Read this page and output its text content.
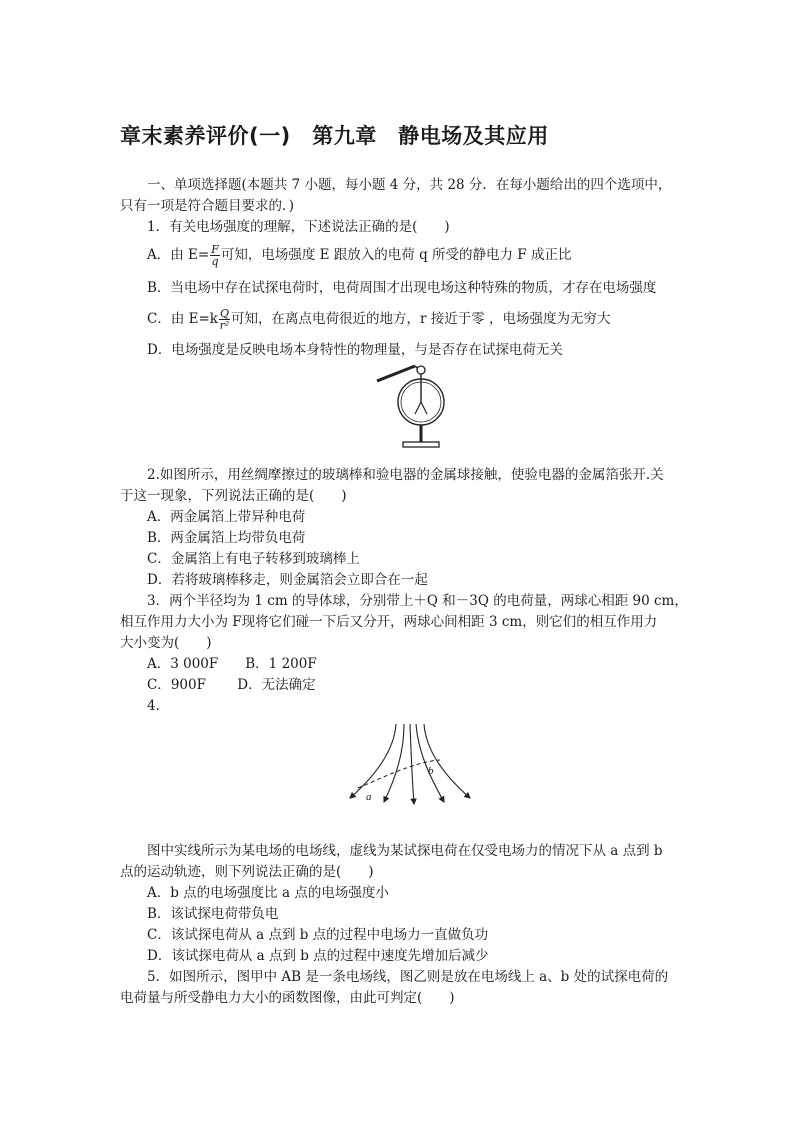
章末素养评价(一)　第九章　静电场及其应用
一、单项选择题(本题共 7 小题，每小题 4 分，共 28 分．在每小题给出的四个选项中，
只有一项是符合题目要求的．)
1．有关电场强度的理解，下述说法正确的是(　　)
A．由 $E= \frac{F}{q}$ 可知，电场强度 E 跟放入的电荷 q 所受的静电力 F 成正比
B．当电场中存在试探电荷时，电荷周围才出现电场这种特殊的物质，才存在电场强度
C．由 $E=k \frac{Q}{\text{r²}}$ 可知，在离点电荷很近的地方，r 接近于零 ，电场强度为无穷大
D．电场强度是反映电场本身特性的物理量，与是否存在试探电荷无关
2.如图所示，用丝绸摩擦过的玻璃棒和验电器的金属球接触，使验电器的金属箔张开.关
于这一现象，下列说法正确的是(　　)
A．两金属箔上带异种电荷
B．两金属箔上均带负电荷
C．金属箔上有电子转移到玻璃棒上
D．若将玻璃棒移走，则金属箔会立即合在一起
3．两个半径均为 1 cm 的导体球，分别带上＋Q 和－3Q 的电荷量，两球心相距 90 cm，
相互作用力大小为 F现将它们碰一下后又分开，两球心间相距 3 cm，则它们的相互作用力
大小变为(　　)
A．3 000F　　B．1 200F
C．900F　　 D．无法确定
4.
a
b
图中实线所示为某电场的电场线，虚线为某试探电荷在仅受电场力的情况下从 a 点到 b
点的运动轨迹，则下列说法正确的是(　　)
A．b 点的电场强度比 a 点的电场强度小
B．该试探电荷带负电
C．该试探电荷从 a 点到 b 点的过程中电场力一直做负功
D．该试探电荷从 a 点到 b 点的过程中速度先增加后减少
5．如图所示，图甲中 AB 是一条电场线，图乙则是放在电场线上 a、b 处的试探电荷的
电荷量与所受静电力大小的函数图像，由此可判定(　　)
